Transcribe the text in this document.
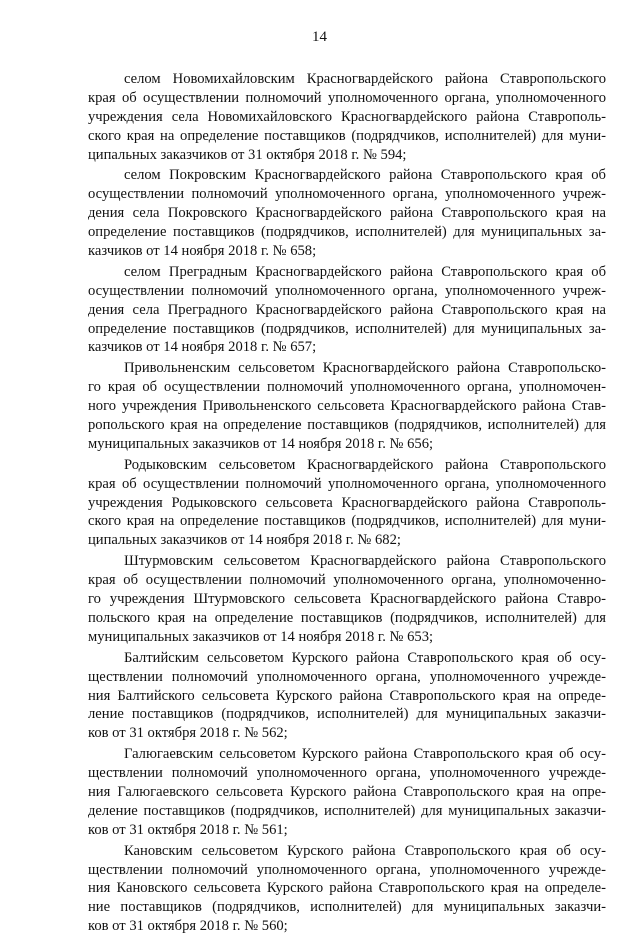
14
селом Новомихайловским Красногвардейского района Ставропольского
края об осуществлении полномочий уполномоченного органа, уполномоченного
учреждения села Новомихайловского Красногвардейского района Ставрополь-
ского края на определение поставщиков (подрядчиков, исполнителей) для муни-
ципальных заказчиков от 31 октября 2018 г. № 594;
селом Покровским Красногвардейского района Ставропольского края об
осуществлении полномочий уполномоченного органа, уполномоченного учреж-
дения села Покровского Красногвардейского района Ставропольского края на
определение поставщиков (подрядчиков, исполнителей) для муниципальных за-
казчиков от 14 ноября 2018 г. № 658;
селом Преградным Красногвардейского района Ставропольского края об
осуществлении полномочий уполномоченного органа, уполномоченного учреж-
дения села Преградного Красногвардейского района Ставропольского края на
определение поставщиков (подрядчиков, исполнителей) для муниципальных за-
казчиков от 14 ноября 2018 г. № 657;
Привольненским сельсоветом Красногвардейского района Ставропольско-
го края об осуществлении полномочий уполномоченного органа, уполномочен-
ного учреждения Привольненского сельсовета Красногвардейского района Став-
ропольского края на определение поставщиков (подрядчиков, исполнителей) для
муниципальных заказчиков от 14 ноября 2018 г. № 656;
Родыковским сельсоветом Красногвардейского района Ставропольского
края об осуществлении полномочий уполномоченного органа, уполномоченного
учреждения Родыковского сельсовета Красногвардейского района Ставрополь-
ского края на определение поставщиков (подрядчиков, исполнителей) для муни-
ципальных заказчиков от 14 ноября 2018 г. № 682;
Штурмовским сельсоветом Красногвардейского района Ставропольского
края об осуществлении полномочий уполномоченного органа, уполномоченно-
го учреждения Штурмовского сельсовета Красногвардейского района Ставро-
польского края на определение поставщиков (подрядчиков, исполнителей) для
муниципальных заказчиков от 14 ноября 2018 г. № 653;
Балтийским сельсоветом Курского района Ставропольского края об осу-
ществлении полномочий уполномоченного органа, уполномоченного учрежде-
ния Балтийского сельсовета Курского района Ставропольского края на опреде-
ление поставщиков (подрядчиков, исполнителей) для муниципальных заказчи-
ков от 31 октября 2018 г. № 562;
Галюгаевским сельсоветом Курского района Ставропольского края об осу-
ществлении полномочий уполномоченного органа, уполномоченного учрежде-
ния Галюгаевского сельсовета Курского района Ставропольского края на опре-
деление поставщиков (подрядчиков, исполнителей) для муниципальных заказчи-
ков от 31 октября 2018 г. № 561;
Кановским сельсоветом Курского района Ставропольского края об осу-
ществлении полномочий уполномоченного органа, уполномоченного учрежде-
ния Кановского сельсовета Курского района Ставропольского края на определе-
ние поставщиков (подрядчиков, исполнителей) для муниципальных заказчи-
ков от 31 октября 2018 г. № 560;
